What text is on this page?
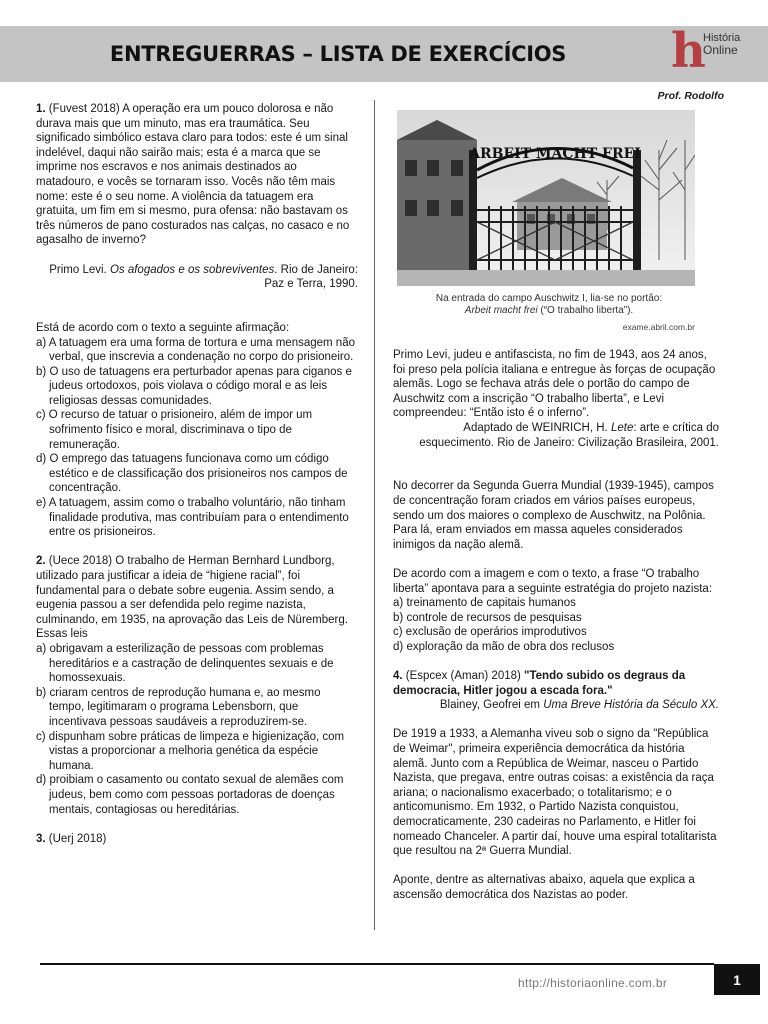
ENTREGUERRAS – LISTA DE EXERCÍCIOS	h
História
Online
Prof. Rodolfo

1. (Fuvest 2018) A operação era um pouco dolorosa e não durava mais que um minuto, mas era traumática. Seu significado simbólico estava claro para todos: este é um sinal indelével, daqui não sairão mais; esta é a marca que se imprime nos escravos e nos animais destinados ao matadouro, e vocês se tornaram isso. Vocês não têm mais nome: este é o seu nome. A violência da tatuagem era gratuita, um fim em si mesmo, pura ofensa: não bastavam os três números de pano costurados nas calças, no casaco e no agasalho de inverno?

Primo Levi. Os afogados e os sobreviventes. Rio de Janeiro: Paz e Terra, 1990.

Está de acordo com o texto a seguinte afirmação:

a) A tatuagem era uma forma de tortura e uma mensagem não verbal, que inscrevia a condenação no corpo do prisioneiro.

b) O uso de tatuagens era perturbador apenas para ciganos e judeus ortodoxos, pois violava o código moral e as leis religiosas dessas comunidades.

c) O recurso de tatuar o prisioneiro, além de impor um sofrimento físico e moral, discriminava o tipo de remuneração.

d) O emprego das tatuagens funcionava como um código estético e de classificação dos prisioneiros nos campos de concentração.

e) A tatuagem, assim como o trabalho voluntário, não tinham finalidade produtiva, mas contribuíam para o entendimento entre os prisioneiros.

2. (Uece 2018) O trabalho de Herman Bernhard Lundborg, utilizado para justificar a ideia de “higiene racial”, foi fundamental para o debate sobre eugenia. Assim sendo, a eugenia passou a ser defendida pelo regime nazista, culminando, em 1935, na aprovação das Leis de Nüremberg. Essas leis

a) obrigavam a esterilização de pessoas com problemas hereditários e a castração de delinquentes sexuais e de homossexuais.

b) criaram centros de reprodução humana e, ao mesmo tempo, legitimaram o programa Lebensborn, que incentivava pessoas saudáveis a reproduzirem-se.

c) dispunham sobre práticas de limpeza e higienização, com vistas a proporcionar a melhoria genética da espécie humana.

d) proibiam o casamento ou contato sexual de alemães com judeus, bem como com pessoas portadoras de doenças mentais, contagiosas ou hereditárias.

3. (Uerj 2018)

ARBEIT MACHT FREI
Na entrada do campo Auschwitz I, lia-se no portão:
Arbeit macht frei (“O trabalho liberta”).
exame.abril.com.br

Primo Levi, judeu e antifascista, no fim de 1943, aos 24 anos, foi preso pela polícia italiana e entregue às forças de ocupação alemãs. Logo se fechava atrás dele o portão do campo de Auschwitz com a inscrição “O trabalho liberta”, e Levi compreendeu: “Então isto é o inferno”.

Adaptado de WEINRICH, H. Lete: arte e crítica do esquecimento. Rio de Janeiro: Civilização Brasileira, 2001.

No decorrer da Segunda Guerra Mundial (1939-1945), campos de concentração foram criados em vários países europeus, sendo um dos maiores o complexo de Auschwitz, na Polônia. Para lá, eram enviados em massa aqueles considerados inimigos da nação alemã.

De acordo com a imagem e com o texto, a frase “O trabalho liberta” apontava para a seguinte estratégia do projeto nazista:

a) treinamento de capitais humanos

b) controle de recursos de pesquisas

c) exclusão de operários improdutivos

d) exploração da mão de obra dos reclusos

4. (Espcex (Aman) 2018) "Tendo subido os degraus da democracia, Hitler jogou a escada fora."

Blainey, Geofrei em Uma Breve História da Século XX.

De 1919 a 1933, a Alemanha viveu sob o signo da "República de Weimar", primeira experiência democrática da história alemã. Junto com a República de Weimar, nasceu o Partido Nazista, que pregava, entre outras coisas: a existência da raça ariana; o nacionalismo exacerbado; o totalitarismo; e o anticomunismo. Em 1932, o Partido Nazista conquistou, democraticamente, 230 cadeiras no Parlamento, e Hitler foi nomeado Chanceler. A partir daí, houve uma espiral totalitarista que resultou na 2ª Guerra Mundial.

Aponte, dentre as alternativas abaixo, aquela que explica a ascensão democrática dos Nazistas ao poder.

http://historiaonline.com.br	1
